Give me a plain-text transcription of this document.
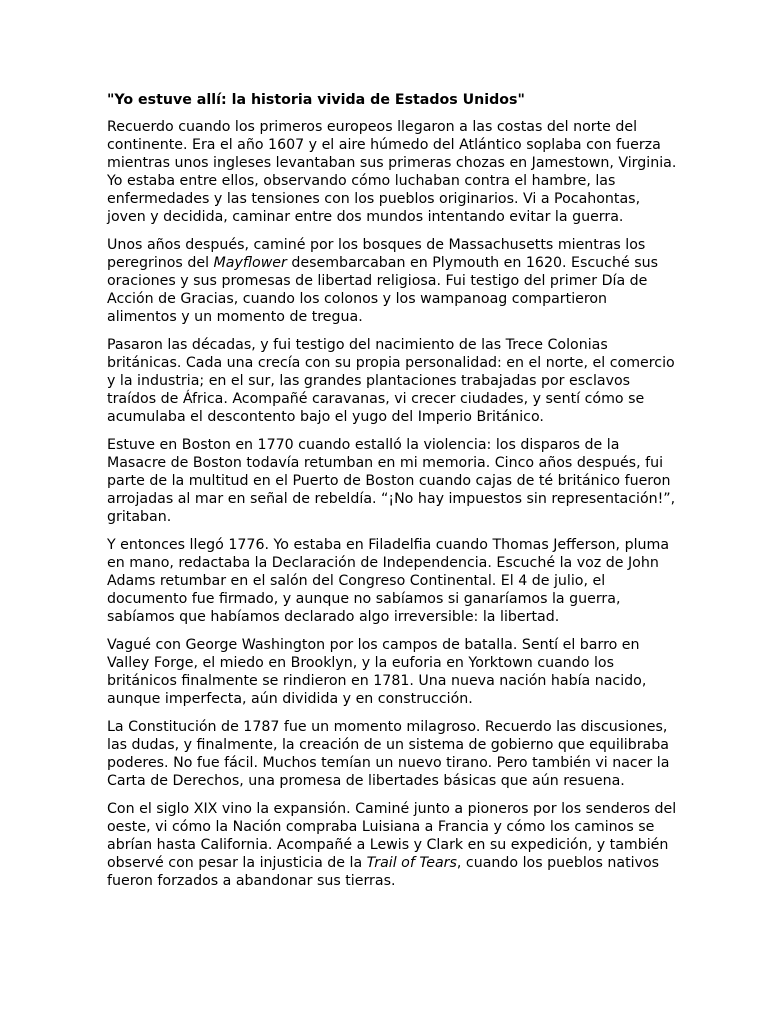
"Yo estuve allí: la historia vivida de Estados Unidos"

Recuerdo cuando los primeros europeos llegaron a las costas del norte del
continente. Era el año 1607 y el aire húmedo del Atlántico soplaba con fuerza
mientras unos ingleses levantaban sus primeras chozas en Jamestown, Virginia.
Yo estaba entre ellos, observando cómo luchaban contra el hambre, las
enfermedades y las tensiones con los pueblos originarios. Vi a Pocahontas,
joven y decidida, caminar entre dos mundos intentando evitar la guerra.

Unos años después, caminé por los bosques de Massachusetts mientras los
peregrinos del Mayflower desembarcaban en Plymouth en 1620. Escuché sus
oraciones y sus promesas de libertad religiosa. Fui testigo del primer Día de
Acción de Gracias, cuando los colonos y los wampanoag compartieron
alimentos y un momento de tregua.

Pasaron las décadas, y fui testigo del nacimiento de las Trece Colonias
británicas. Cada una crecía con su propia personalidad: en el norte, el comercio
y la industria; en el sur, las grandes plantaciones trabajadas por esclavos
traídos de África. Acompañé caravanas, vi crecer ciudades, y sentí cómo se
acumulaba el descontento bajo el yugo del Imperio Británico.

Estuve en Boston en 1770 cuando estalló la violencia: los disparos de la
Masacre de Boston todavía retumban en mi memoria. Cinco años después, fui
parte de la multitud en el Puerto de Boston cuando cajas de té británico fueron
arrojadas al mar en señal de rebeldía. “¡No hay impuestos sin representación!”,
gritaban.

Y entonces llegó 1776. Yo estaba en Filadelfia cuando Thomas Jefferson, pluma
en mano, redactaba la Declaración de Independencia. Escuché la voz de John
Adams retumbar en el salón del Congreso Continental. El 4 de julio, el
documento fue firmado, y aunque no sabíamos si ganaríamos la guerra,
sabíamos que habíamos declarado algo irreversible: la libertad.

Vagué con George Washington por los campos de batalla. Sentí el barro en
Valley Forge, el miedo en Brooklyn, y la euforia en Yorktown cuando los
británicos finalmente se rindieron en 1781. Una nueva nación había nacido,
aunque imperfecta, aún dividida y en construcción.

La Constitución de 1787 fue un momento milagroso. Recuerdo las discusiones,
las dudas, y finalmente, la creación de un sistema de gobierno que equilibraba
poderes. No fue fácil. Muchos temían un nuevo tirano. Pero también vi nacer la
Carta de Derechos, una promesa de libertades básicas que aún resuena.

Con el siglo XIX vino la expansión. Caminé junto a pioneros por los senderos del
oeste, vi cómo la Nación compraba Luisiana a Francia y cómo los caminos se
abrían hasta California. Acompañé a Lewis y Clark en su expedición, y también
observé con pesar la injusticia de la Trail of Tears, cuando los pueblos nativos
fueron forzados a abandonar sus tierras.
